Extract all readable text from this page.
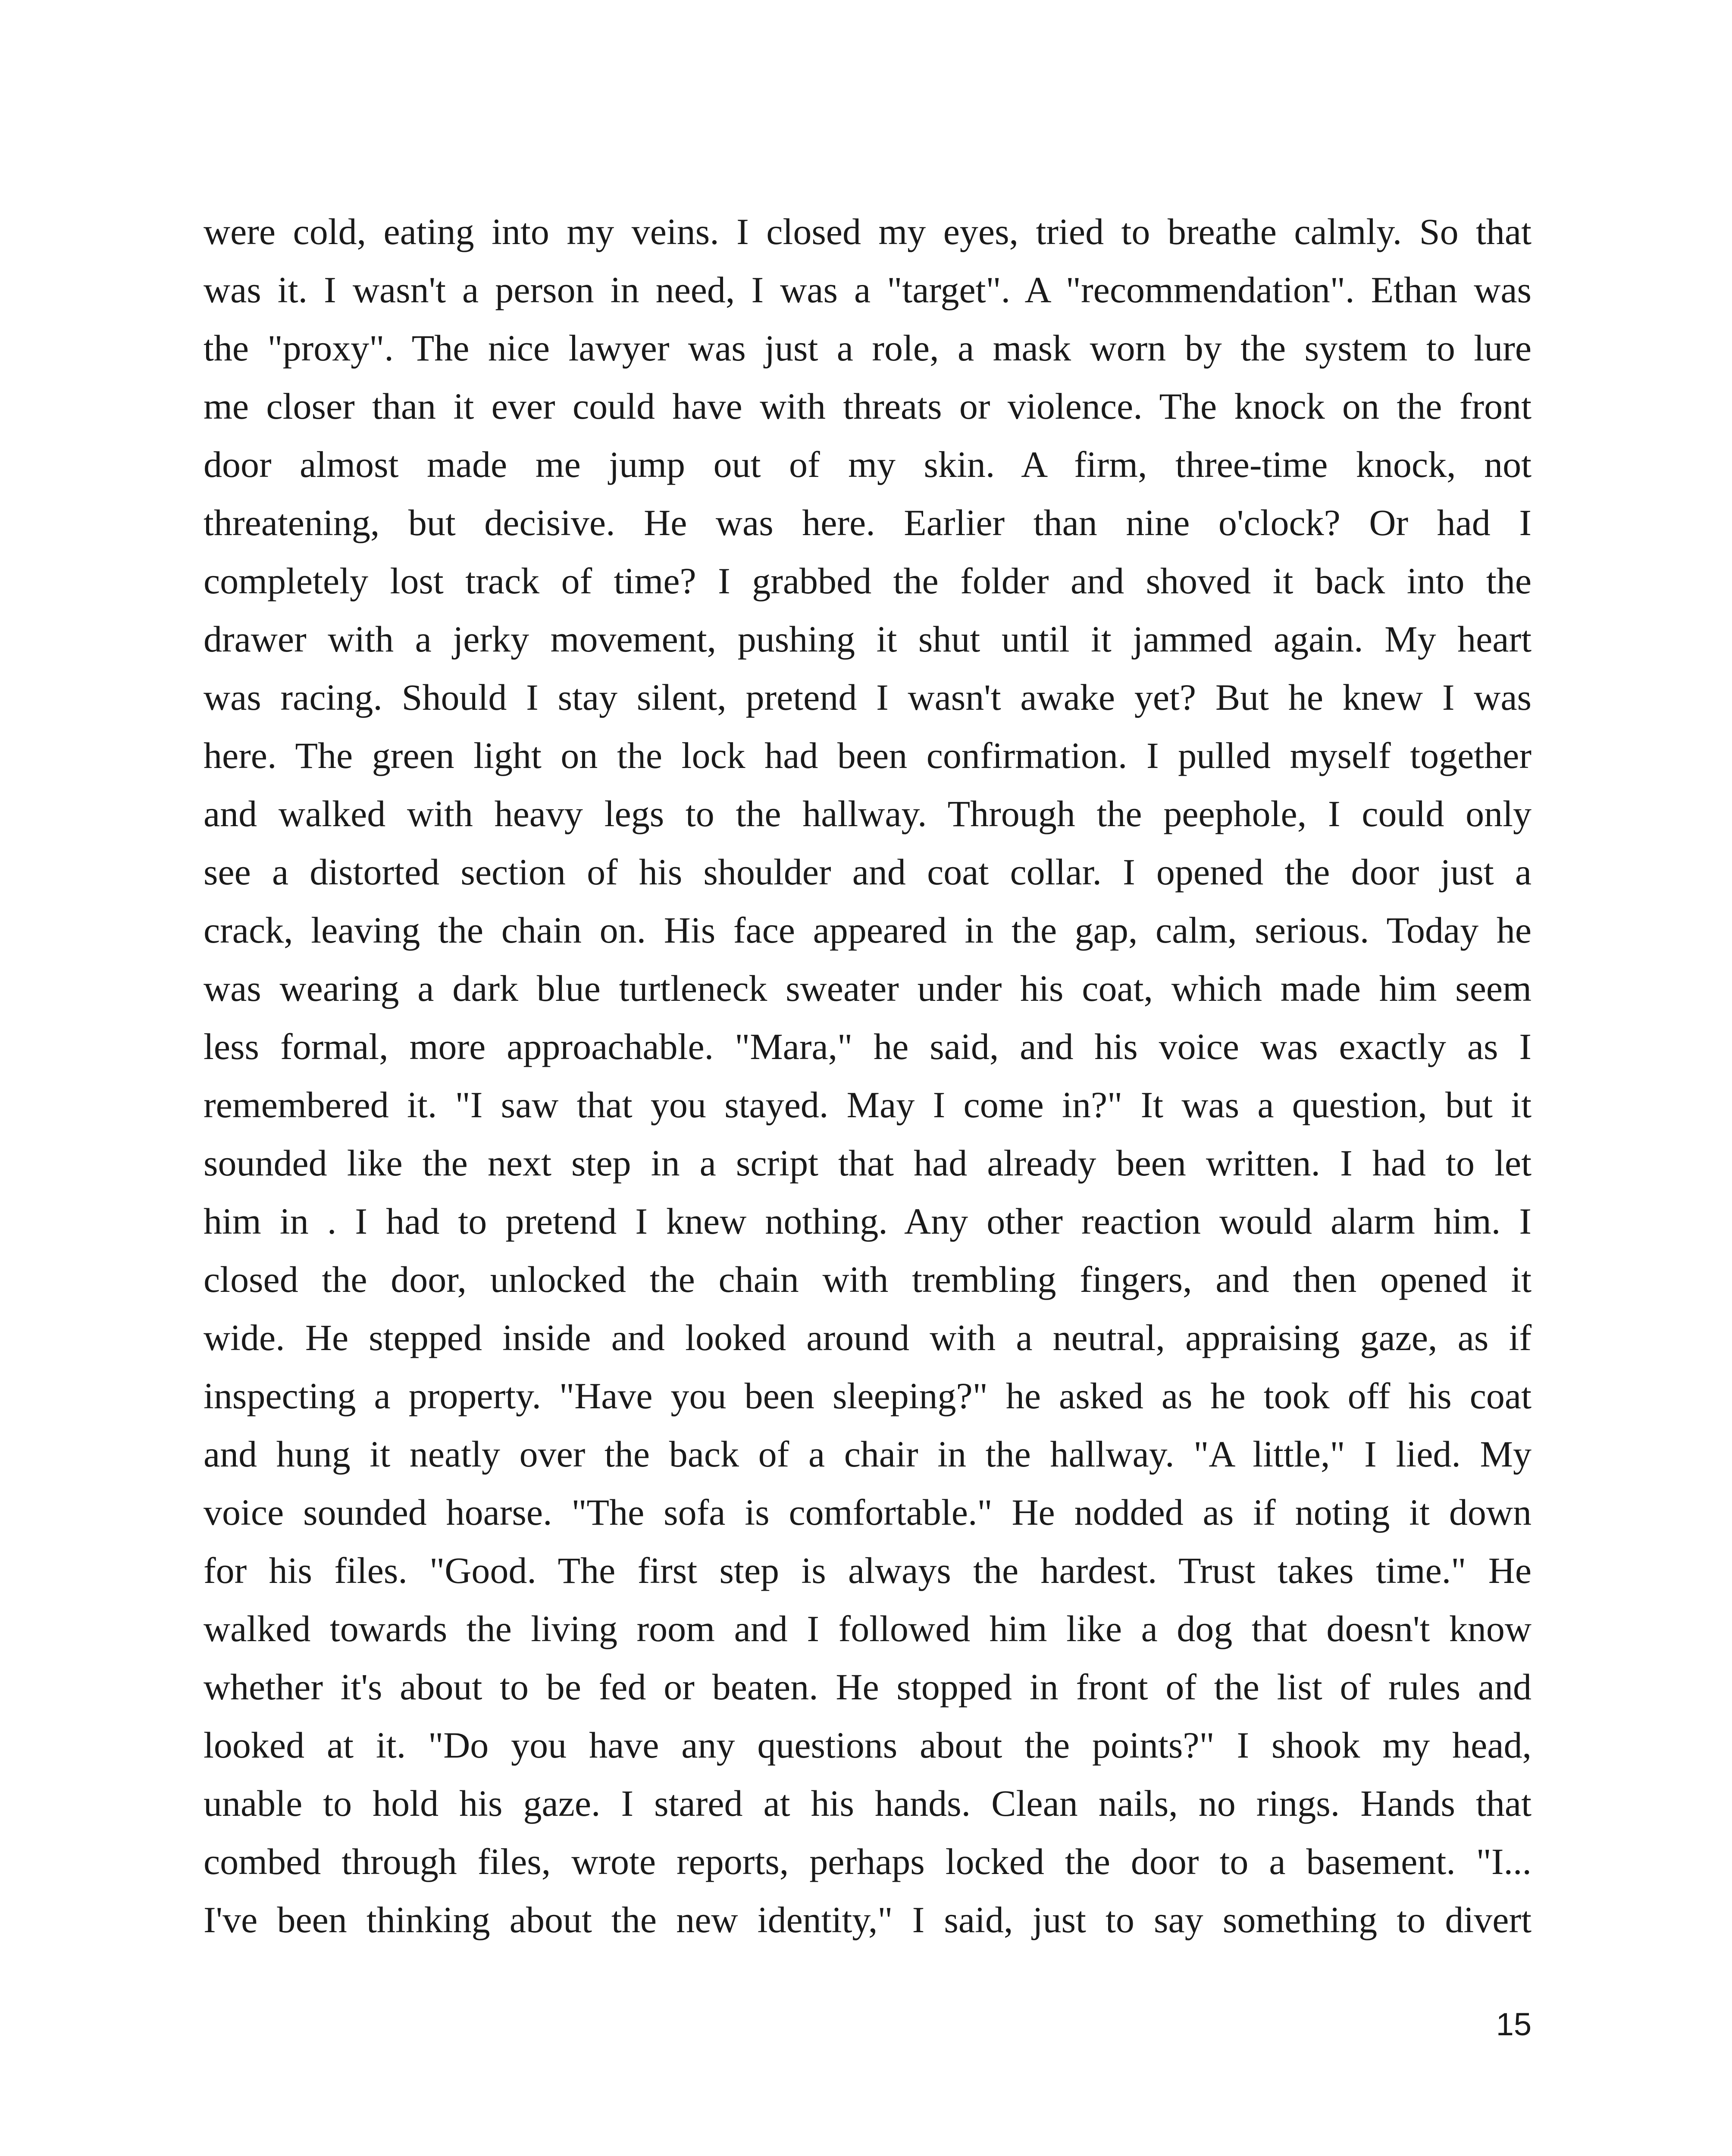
were cold, eating into my veins. I closed my eyes, tried to breathe calmly. So that
was it. I wasn't a person in need, I was a "target". A "recommendation". Ethan was
the "proxy". The nice lawyer was just a role, a mask worn by the system to lure
me closer than it ever could have with threats or violence. The knock on the front
door almost made me jump out of my skin. A firm, three-time knock, not
threatening, but decisive. He was here. Earlier than nine o'clock? Or had I
completely lost track of time? I grabbed the folder and shoved it back into the
drawer with a jerky movement, pushing it shut until it jammed again. My heart
was racing. Should I stay silent, pretend I wasn't awake yet? But he knew I was
here. The green light on the lock had been confirmation. I pulled myself together
and walked with heavy legs to the hallway. Through the peephole, I could only
see a distorted section of his shoulder and coat collar. I opened the door just a
crack, leaving the chain on. His face appeared in the gap, calm, serious. Today he
was wearing a dark blue turtleneck sweater under his coat, which made him seem
less formal, more approachable. "Mara," he said, and his voice was exactly as I
remembered it. "I saw that you stayed. May I come in?" It was a question, but it
sounded like the next step in a script that had already been written. I had to let
him in . I had to pretend I knew nothing. Any other reaction would alarm him. I
closed the door, unlocked the chain with trembling fingers, and then opened it
wide. He stepped inside and looked around with a neutral, appraising gaze, as if
inspecting a property. "Have you been sleeping?" he asked as he took off his coat
and hung it neatly over the back of a chair in the hallway. "A little," I lied. My
voice sounded hoarse. "The sofa is comfortable." He nodded as if noting it down
for his files. "Good. The first step is always the hardest. Trust takes time." He
walked towards the living room and I followed him like a dog that doesn't know
whether it's about to be fed or beaten. He stopped in front of the list of rules and
looked at it. "Do you have any questions about the points?" I shook my head,
unable to hold his gaze. I stared at his hands. Clean nails, no rings. Hands that
combed through files, wrote reports, perhaps locked the door to a basement. "I...
I've been thinking about the new identity," I said, just to say something to divert
15
